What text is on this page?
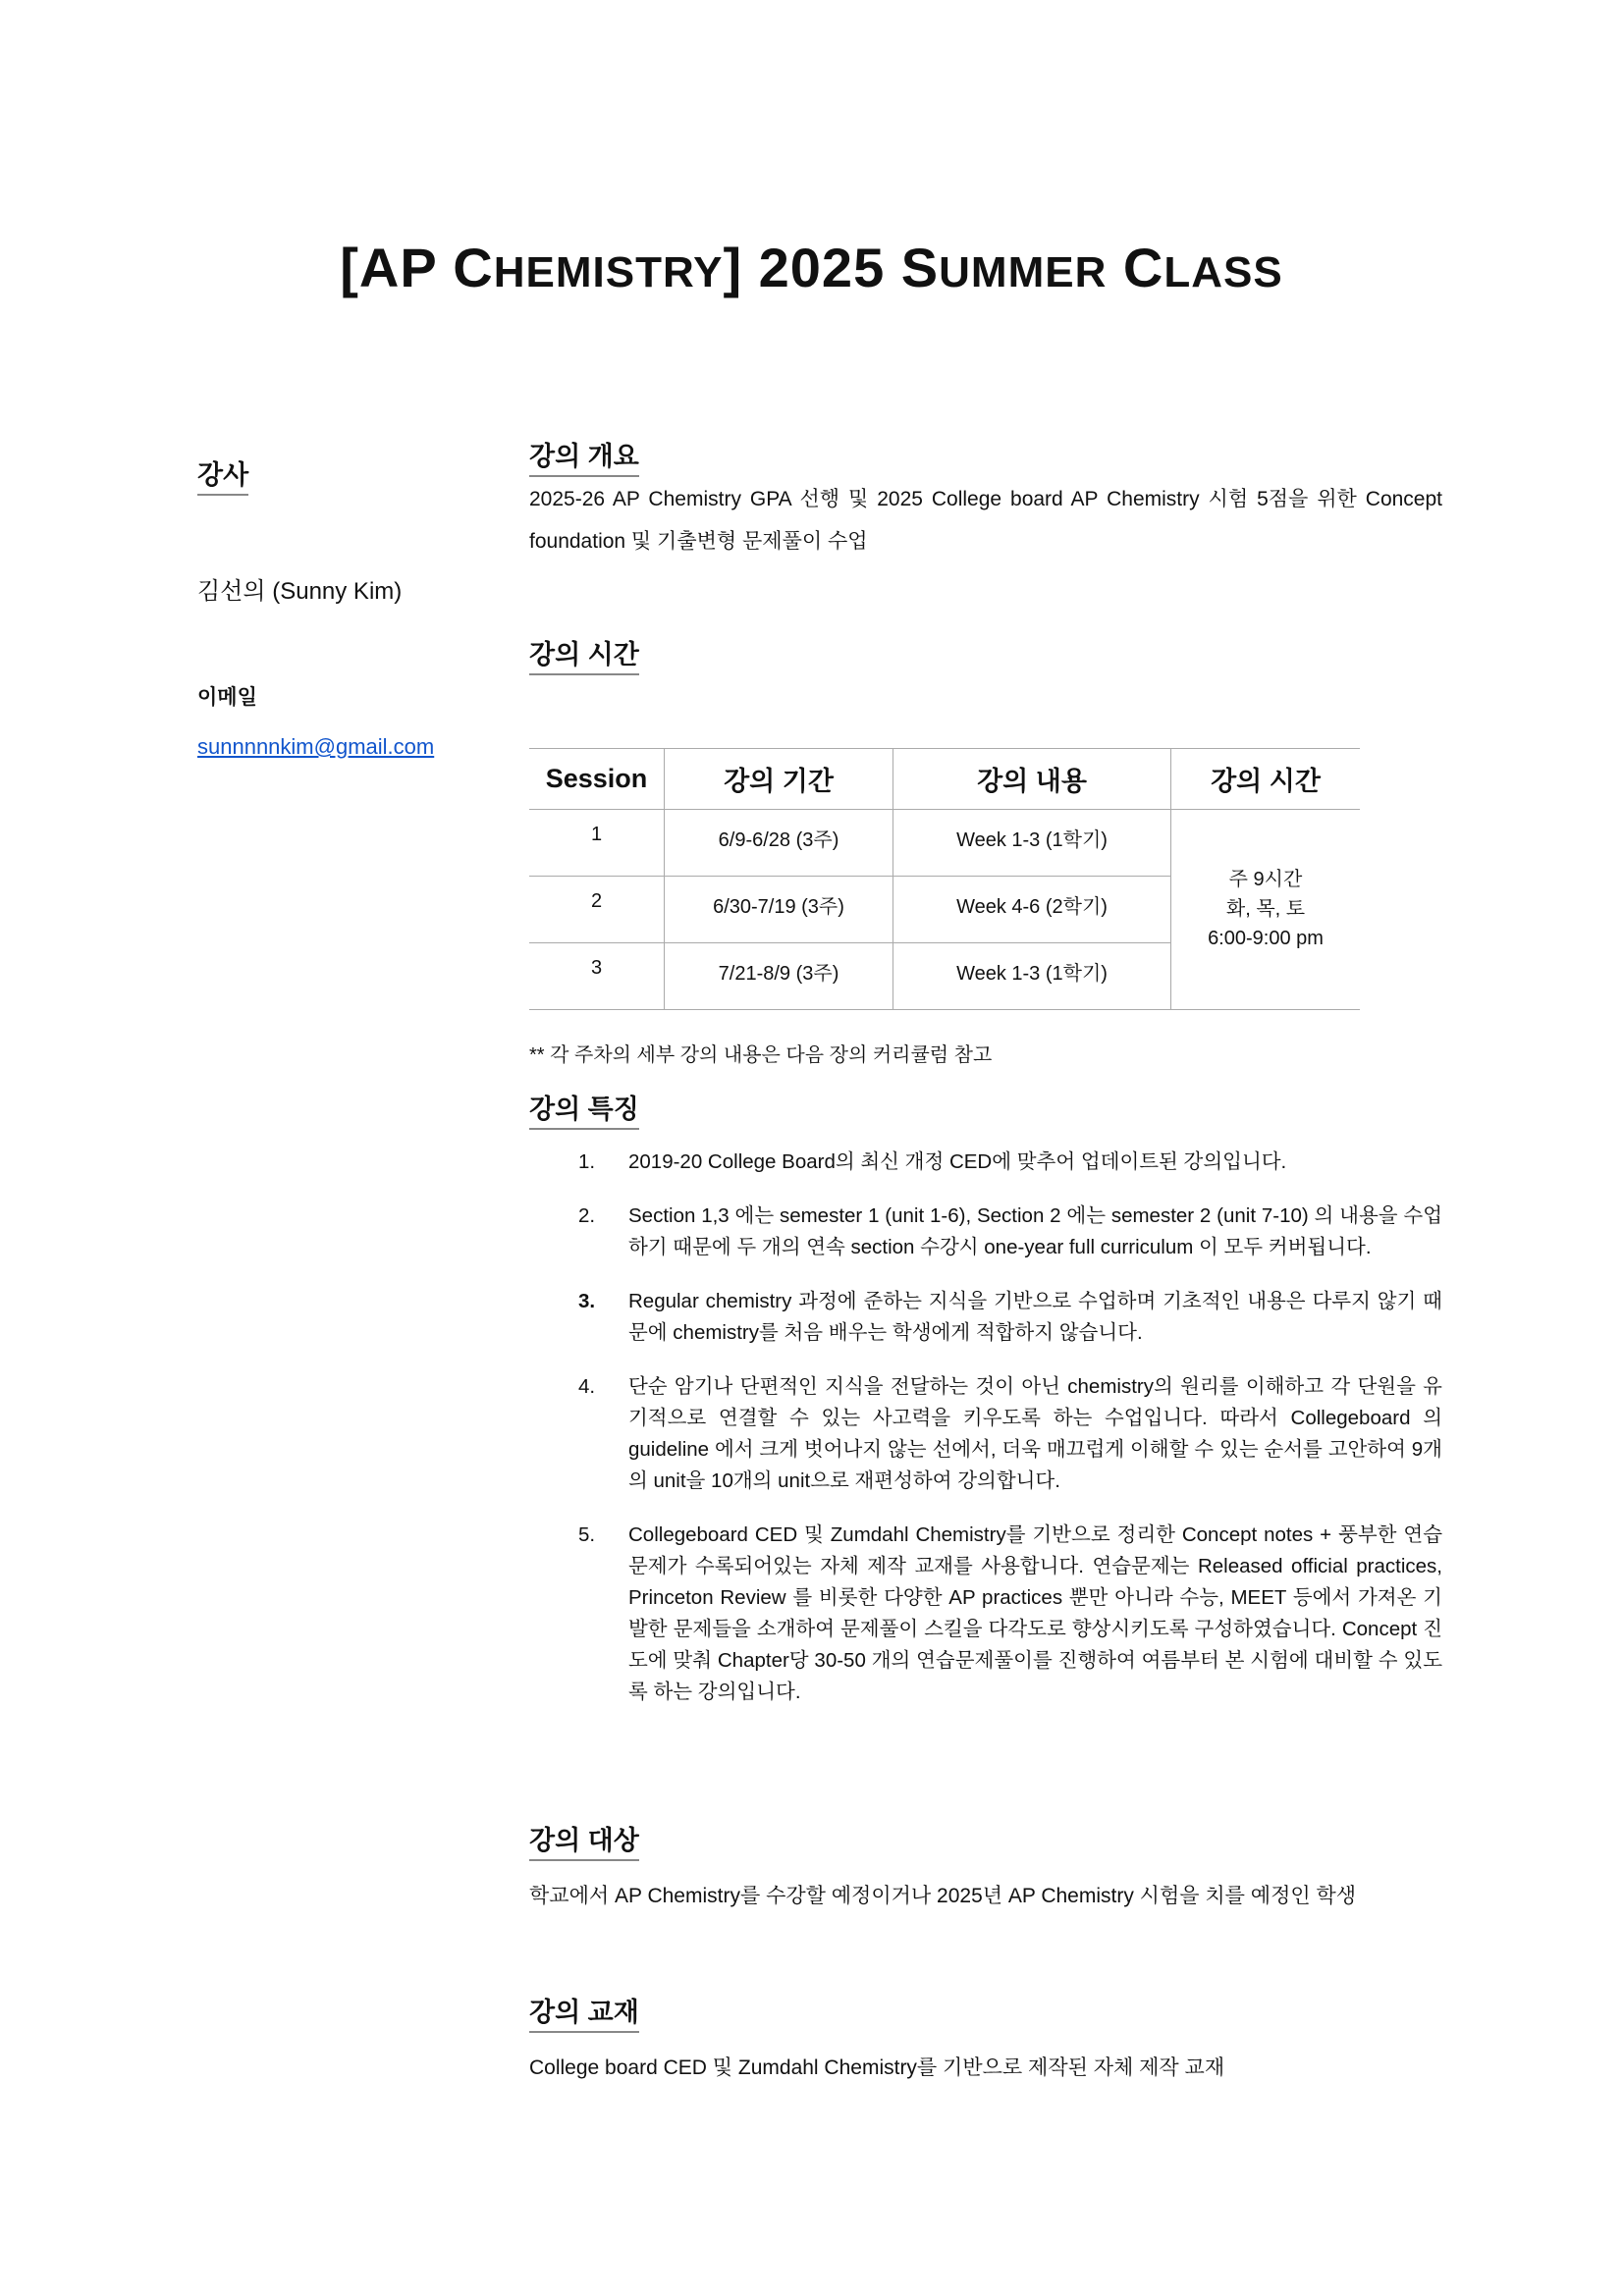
[AP CHEMISTRY] 2025 SUMMER CLASS
강사
김선의 (Sunny Kim)
이메일
sunnnnnkim@gmail.com
강의 개요
2025-26 AP Chemistry GPA 선행 및 2025 College board AP Chemistry 시험 5점을 위한 Concept foundation 및 기출변형 문제풀이 수업
강의 시간
Session	강의 기간	강의 내용	강의 시간
1	6/9-6/28 (3주)	Week 1-3 (1학기)	주 9시간
화, 목, 토
6:00-9:00 pm

2	6/30-7/19 (3주)	Week 4-6 (2학기)	
3	7/21-8/9 (3주)	Week 1-3 (1학기)	
** 각 주차의 세부 강의 내용은 다음 장의 커리큘럼 참고
강의 특징
1. 2019-20 College Board의 최신 개정 CED에 맞추어 업데이트된 강의입니다.
2. Section 1,3 에는 semester 1 (unit 1-6), Section 2 에는 semester 2 (unit 7-10) 의 내용을 수업하기 때문에 두 개의 연속 section 수강시 one-year full curriculum 이 모두 커버됩니다.
3. Regular chemistry 과정에 준하는 지식을 기반으로 수업하며 기초적인 내용은 다루지 않기 때문에 chemistry를 처음 배우는 학생에게 적합하지 않습니다.
4. 단순 암기나 단편적인 지식을 전달하는 것이 아닌 chemistry의 원리를 이해하고 각 단원을 유기적으로 연결할 수 있는 사고력을 키우도록 하는 수업입니다. 따라서 Collegeboard 의 guideline 에서 크게 벗어나지 않는 선에서, 더욱 매끄럽게 이해할 수 있는 순서를 고안하여 9개의 unit을 10개의 unit으로 재편성하여 강의합니다.
5. Collegeboard CED 및 Zumdahl Chemistry를 기반으로 정리한 Concept notes + 풍부한 연습문제가 수록되어있는 자체 제작 교재를 사용합니다. 연습문제는 Released official practices, Princeton Review 를 비롯한 다양한 AP practices 뿐만 아니라 수능, MEET 등에서 가져온 기발한 문제들을 소개하여 문제풀이 스킬을 다각도로 향상시키도록 구성하였습니다. Concept 진도에 맞춰 Chapter당 30-50 개의 연습문제풀이를 진행하여 여름부터 본 시험에 대비할 수 있도록 하는 강의입니다.
강의 대상
학교에서 AP Chemistry를 수강할 예정이거나 2025년 AP Chemistry 시험을 치를 예정인 학생
강의 교재
College board CED 및 Zumdahl Chemistry를 기반으로 제작된 자체 제작 교재
